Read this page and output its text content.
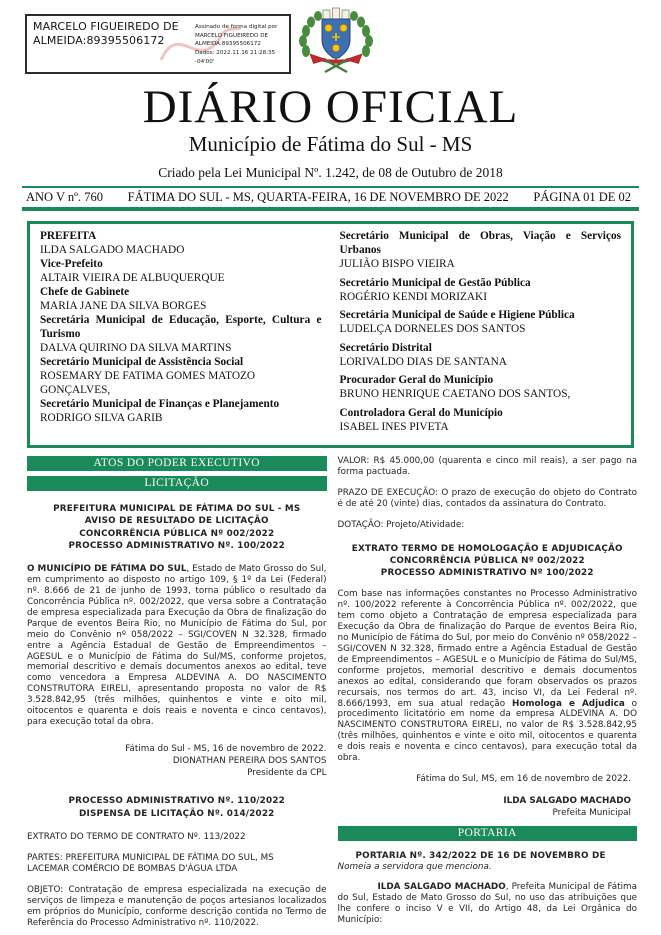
MARCELO FIGUEIREDO DE ALMEIDA:89395506172
Assinado de forma digital por
MARCELO FIGUEIREDO DE
ALMEIDA:89395506172
Dados: 2022.11.16 21:28:35 -04'00'
DIÁRIO OFICIAL
Município de Fátima do Sul - MS
Criado pela Lei Municipal Nº. 1.242, de 08 de Outubro de 2018
ANO V nº. 760 FÁTIMA DO SUL - MS, QUARTA-FEIRA, 16 DE NOVEMBRO DE 2022 PÁGINA 01 DE 02
PREFEITA
ILDA SALGADO MACHADO
Vice-Prefeito
ALTAIR VIEIRA DE ALBUQUERQUE
Chefe de Gabinete
MARIA JANE DA SILVA BORGES
Secretária Municipal de Educação, Esporte, Cultura e Turismo
DALVA QUIRINO DA SILVA MARTINS
Secretário Municipal de Assistência Social
ROSEMARY DE FATIMA GOMES MATOZO GONÇALVES,
Secretário Municipal de Finanças e Planejamento
RODRIGO SILVA GARIB
Secretário Municipal de Obras, Viação e Serviços Urbanos
JULIÃO BISPO VIEIRA
Secretário Municipal de Gestão Pública
ROGÉRIO KENDI MORIZAKI
Secretária Municipal de Saúde e Higiene Pública
LUDELÇA DORNELES DOS SANTOS
Secretário Distrital
LORIVALDO DIAS DE SANTANA
Procurador Geral do Município
BRUNO HENRIQUE CAETANO DOS SANTOS,
Controladora Geral do Município
ISABEL INES PIVETA
ATOS DO PODER EXECUTIVO
LICITAÇÃO
PREFEITURA MUNICIPAL DE FÁTIMA DO SUL - MS
AVISO DE RESULTADO DE LICITAÇÃO
CONCORRÊNCIA PÚBLICA Nº 002/2022
PROCESSO ADMINISTRATIVO Nº. 100/2022

O MUNICÍPIO DE FÁTIMA DO SUL, Estado de Mato Grosso do Sul, em cumprimento ao disposto no artigo 109, § 1º da Lei (Federal) nº. 8.666 de 21 de junho de 1993, torna público o resultado da Concorrência Pública nº. 002/2022, que versa sobre a Contratação de empresa especializada para Execução da Obra de finalização do Parque de eventos Beira Rio, no Município de Fátima do Sul, por meio do Convênio nº 058/2022 – SGI/COVEN N 32.328, firmado entre a Agência Estadual de Gestão de Empreendimentos – AGESUL e o Município de Fátima do Sul/MS, conforme projetos, memorial descritivo e demais documentos anexos ao edital, teve como vencedora a Empresa ALDEVINA A. DO NASCIMENTO CONSTRUTORA EIRELI, apresentando proposta no valor de R$ 3.528.842,95 (três milhões, quinhentos e vinte e oito mil, oitocentos e quarenta e dois reais e noventa e cinco centavos), para execução total da obra.

Fátima do Sul - MS, 16 de novembro de 2022.
DIONATHAN PEREIRA DOS SANTOS
Presidente da CPL
PROCESSO ADMINISTRATIVO Nº. 110/2022
DISPENSA DE LICITAÇÃO Nº. 014/2022

EXTRATO DO TERMO DE CONTRATO Nº. 113/2022

PARTES: PREFEITURA MUNICIPAL DE FÁTIMA DO SUL, MS
LACEMAR COMÉRCIO DE BOMBAS D'ÁGUA LTDA

OBJETO: Contratação de empresa especializada na execução de serviços de limpeza e manutenção de poços artesianos localizados em próprios do Município, conforme descrição contida no Termo de Referência do Processo Administrativo nº. 110/2022.

VALOR: R$ 45.000,00 (quarenta e cinco mil reais), a ser pago na forma pactuada.

PRAZO DE EXECUÇÃO: O prazo de execução do objeto do Contrato é de até 20 (vinte) dias, contados da assinatura do Contrato.

DOTAÇÃO: Projeto/Atividade:

EXTRATO TERMO DE HOMOLOGAÇÃO E ADJUDICAÇÃO
CONCORRÊNCIA PÚBLICA Nº 002/2022
PROCESSO ADMINISTRATIVO Nº 100/2022

Com base nas informações constantes no Processo Administrativo nº. 100/2022 referente à Concorrência Pública nº. 002/2022, que tem como objeto a Contratação de empresa especializada para Execução da Obra de finalização do Parque de eventos Beira Rio, no Município de Fátima do Sul, por meio do Convênio nº 058/2022 – SGI/COVEN N 32.328, firmado entre a Agência Estadual de Gestão de Empreendimentos – AGESUL e o Município de Fátima do Sul/MS, conforme projetos, memorial descritivo e demais documentos anexos ao edital, considerando que foram observados os prazos recursais, nos termos do art. 43, inciso VI, da Lei Federal nº. 8.666/1993, em sua atual redação Homologa e Adjudica o procedimento licitatório em nome da empresa ALDEVINA A. DO NASCIMENTO CONSTRUTORA EIRELI, no valor de R$ 3.528.842,95 (três milhões, quinhentos e vinte e oito mil, oitocentos e quarenta e dois reais e noventa e cinco centavos), para execução total da obra.

Fátima do Sul, MS, em 16 de novembro de 2022.
ILDA SALGADO MACHADO
Prefeita Municipal
PORTARIA

PORTARIA Nº. 342/2022 DE 16 DE NOVEMBRO DE

Nomeia a servidora que menciona.

ILDA SALGADO MACHADO, Prefeita Municipal de Fátima do Sul, Estado de Mato Grosso do Sul, no uso das atribuições que lhe confere o inciso V e VII, do Artigo 48, da Lei Orgânica do Município:
